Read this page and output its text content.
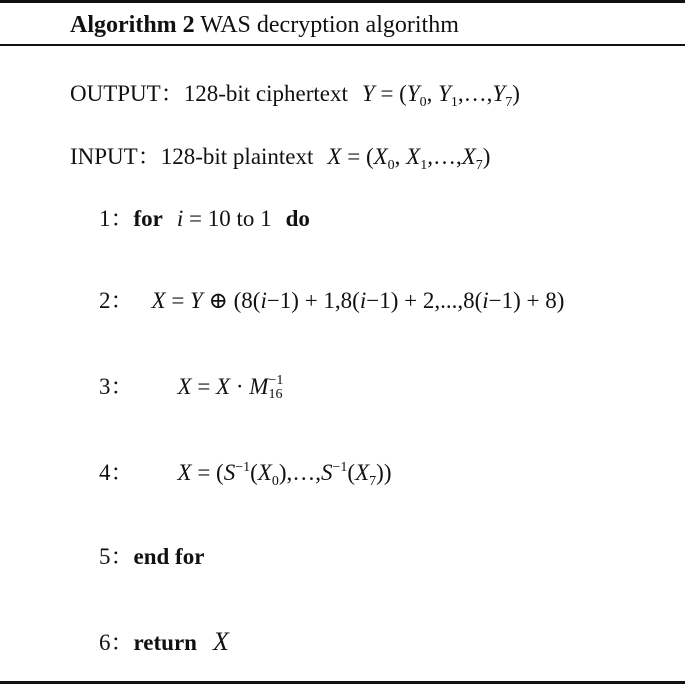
Algorithm 2 WAS decryption algorithm
OUTPUT：128-bit ciphertext $Y = (Y_0$, $Y_1,\dots,Y_7$)
INPUT：128-bit plaintext $X = (X_0$, $X_1,\dots,X_7$)
1：for i = 10 to 1 do
2： X = Y ⊕ (8(i−1) + 1,8(i−1) + 2,...,8(i−1) + 8)
3： X = X · M −1
16
4： $X = (S^{-1}(X_0),\dots,S^{-1}(X_7))$
5：end for
6：return X
